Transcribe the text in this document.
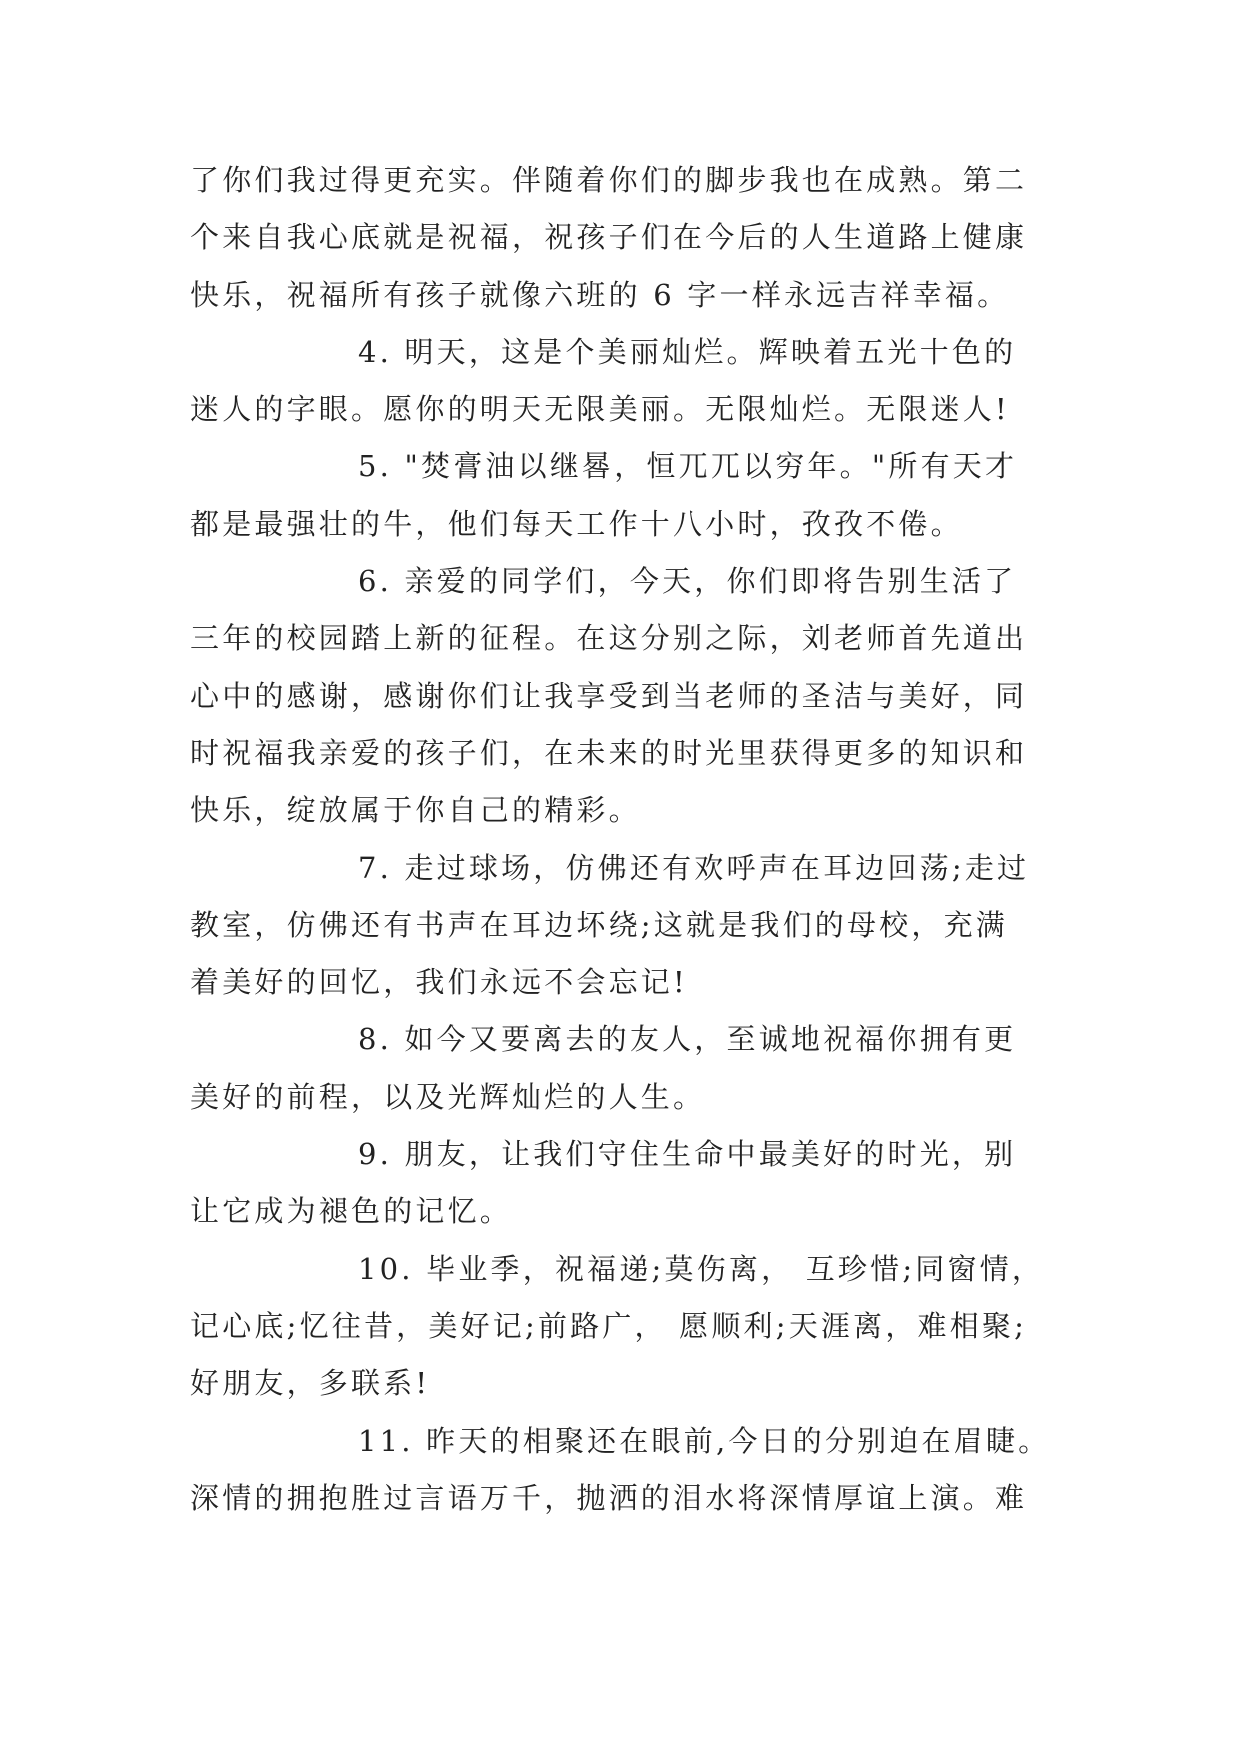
了你们我过得更充实。伴随着你们的脚步我也在成熟。第二
个来自我心底就是祝福，祝孩子们在今后的人生道路上健康
快乐，祝福所有孩子就像六班的 6 字一样永远吉祥幸福。
4. 明天，这是个美丽灿烂。辉映着五光十色的
迷人的字眼。愿你的明天无限美丽。无限灿烂。无限迷人!
5. "焚膏油以继晷，恒兀兀以穷年。"所有天才
都是最强壮的牛，他们每天工作十八小时，孜孜不倦。
6. 亲爱的同学们，今天，你们即将告别生活了
三年的校园踏上新的征程。在这分别之际，刘老师首先道出
心中的感谢，感谢你们让我享受到当老师的圣洁与美好，同
时祝福我亲爱的孩子们，在未来的时光里获得更多的知识和
快乐，绽放属于你自己的精彩。
7. 走过球场，仿佛还有欢呼声在耳边回荡;走过
教室，仿佛还有书声在耳边坏绕;这就是我们的母校，充满
着美好的回忆，我们永远不会忘记!
8. 如今又要离去的友人，至诚地祝福你拥有更
美好的前程，以及光辉灿烂的人生。
9. 朋友，让我们守住生命中最美好的时光，别
让它成为褪色的记忆。
10. 毕业季，祝福递;莫伤离， 互珍惜;同窗情，
记心底;忆往昔，美好记;前路广， 愿顺利;天涯离，难相聚;
好朋友，多联系!
11. 昨天的相聚还在眼前,今日的分别迫在眉睫。
深情的拥抱胜过言语万千，抛洒的泪水将深情厚谊上演。难
